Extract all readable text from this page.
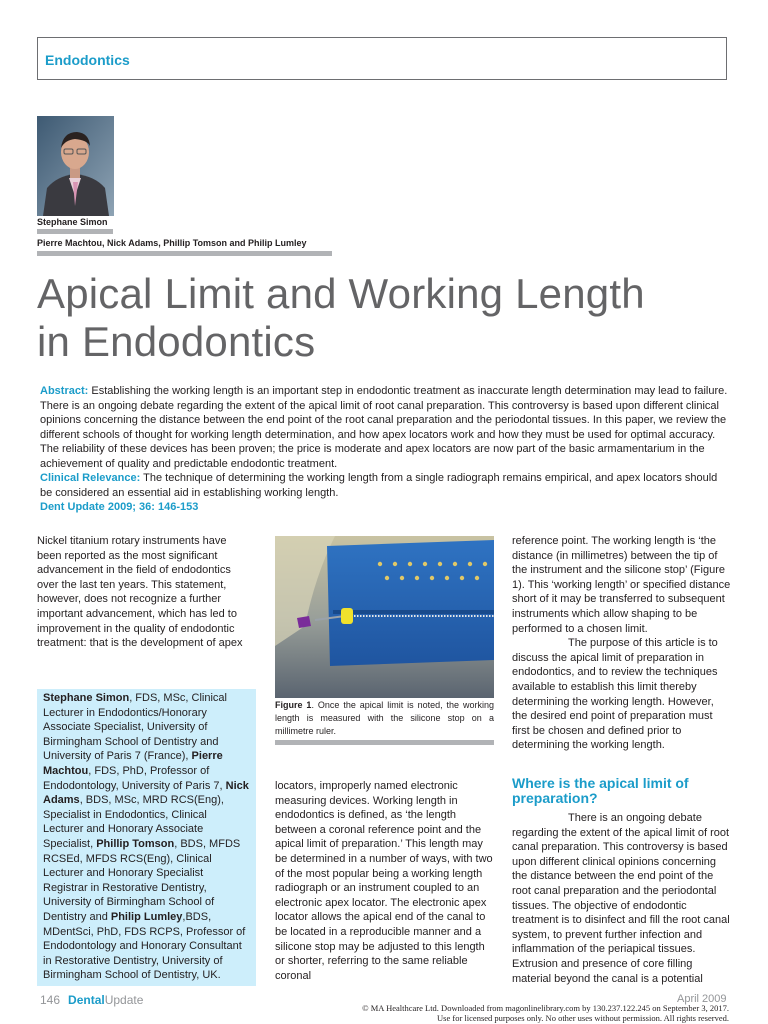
Endodontics
Stephane Simon
Pierre Machtou, Nick Adams, Phillip Tomson and Philip Lumley
Apical Limit and Working Length
in Endodontics

Abstract: Establishing the working length is an important step in endodontic treatment as inaccurate length determination may lead to failure. There is an ongoing debate regarding the extent of the apical limit of root canal preparation. This controversy is based upon different clinical opinions concerning the distance between the end point of the root canal preparation and the periodontal tissues. In this paper, we review the different schools of thought for working length determination, and how apex locators work and how they must be used for optimal accuracy. The reliability of these devices has been proven; the price is moderate and apex locators are now part of the basic armamentarium in the achievement of quality and predictable endodontic treatment.

Clinical Relevance: The technique of determining the working length from a single radiograph remains empirical, and apex locators should be considered an essential aid in establishing working length.

Dent Update 2009; 36: 146-153

Nickel titanium rotary instruments have been reported as the most significant advancement in the field of endodontics over the last ten years. This statement, however, does not recognize a further important advancement, which has led to improvement in the quality of endodontic treatment: that is the development of apex

Stephane Simon, FDS, MSc, Clinical Lecturer in Endodontics/Honorary Associate Specialist, University of Birmingham School of Dentistry and University of Paris 7 (France), Pierre Machtou, FDS, PhD, Professor of Endodontology, University of Paris 7, Nick Adams, BDS, MSc, MRD RCS(Eng), Specialist in Endodontics, Clinical Lecturer and Honorary Associate Specialist, Phillip Tomson, BDS, MFDS RCSEd, MFDS RCS(Eng), Clinical Lecturer and Honorary Specialist Registrar in Restorative Dentistry, University of Birmingham School of Dentistry and Philip Lumley,BDS, MDentSci, PhD, FDS RCPS, Professor of Endodontology and Honorary Consultant in Restorative Dentistry, University of Birmingham School of Dentistry, UK.
Figure 1. Once the apical limit is noted, the working length is measured with the silicone stop on a millimetre ruler.

locators, improperly named electronic measuring devices. Working length in endodontics is defined, as ‘the length between a coronal reference point and the apical limit of preparation.’ This length may be determined in a number of ways, with two of the most popular being a working length radiograph or an instrument coupled to an electronic apex locator. The electronic apex locator allows the apical end of the canal to be located in a reproducible manner and a silicone stop may be adjusted to this length or shorter, referring to the same reliable coronal

reference point. The working length is ‘the distance (in millimetres) between the tip of the instrument and the silicone stop’ (Figure 1). This ‘working length’ or specified distance short of it may be transferred to subsequent instruments which allow shaping to be performed to a chosen limit.

The purpose of this article is to discuss the apical limit of preparation in endodontics, and to review the techniques available to establish this limit thereby determining the working length. However, the desired end point of preparation must first be chosen and defined prior to determining the working length.

Where is the apical limit of preparation?

There is an ongoing debate regarding the extent of the apical limit of root canal preparation. This controversy is based upon different clinical opinions concerning the distance between the end point of the root canal preparation and the periodontal tissues. The objective of endodontic treatment is to disinfect and fill the root canal system, to prevent further infection and inflammation of the periapical tissues. Extrusion and presence of core filling material beyond the canal is a potential

146 DentalUpdate	April 2009

© MA Healthcare Ltd. Downloaded from magonlinelibrary.com by 130.237.122.245 on September 3, 2017.

Use for licensed purposes only. No other uses without permission. All rights reserved.
